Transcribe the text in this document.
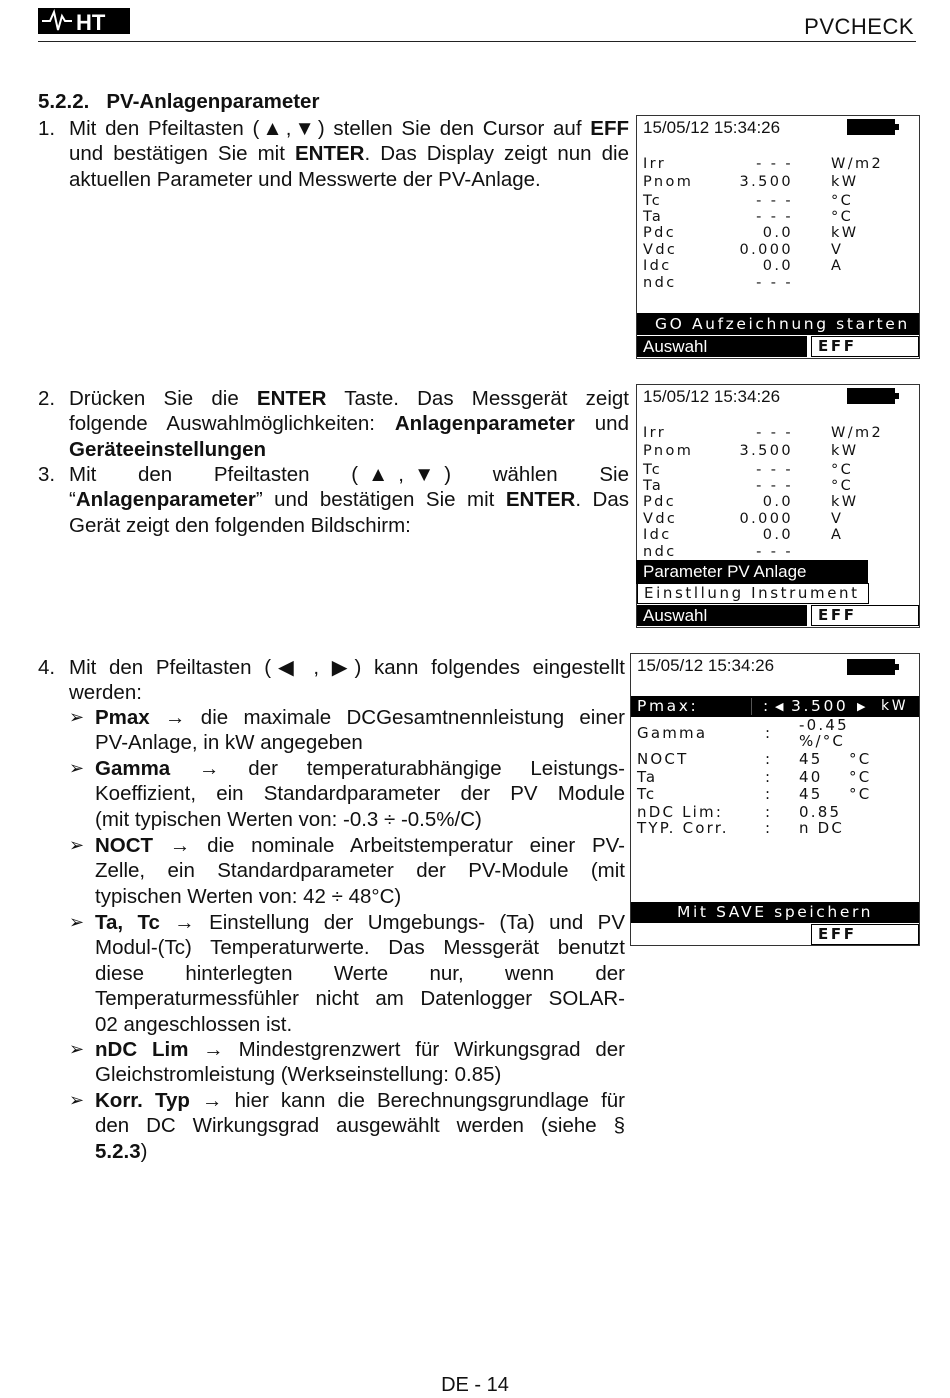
HT	PVCHECK
5.2.2.   PV-Anlagenparameter
1. Mit den Pfeiltasten (▲,▼) stellen Sie den Cursor auf EFF
und bestätigen Sie mit ENTER. Das Display zeigt nun die
aktuellen Parameter und Messwerte der PV-Anlage.
2. Drücken Sie die ENTER Taste. Das Messgerät zeigt
folgende Auswahlmöglichkeiten: Anlagenparameter und
Geräteeinstellungen
3. Mit den Pfeiltasten (▲,▼) wählen Sie
“Anlagenparameter” und bestätigen Sie mit ENTER. Das
Gerät zeigt den folgenden Bildschirm:
4. Mit den Pfeiltasten (◀ , ▶) kann folgendes eingestellt
werden:
➢ Pmax → die maximale DCGesamtnennleistung einer
PV-Anlage, in kW angegeben
➢ Gamma → der temperaturabhängige Leistungs-
Koeffizient, ein Standardparameter der PV Module
(mit typischen Werten von: -0.3 ÷ -0.5%/C)
➢ NOCT → die nominale Arbeitstemperatur einer PV-
Zelle, ein Standardparameter der PV-Module (mit
typischen Werten von: 42 ÷ 48°C)
➢ Ta, Tc → Einstellung der Umgebungs- (Ta) und PV
Modul-(Tc) Temperaturwerte. Das Messgerät benutzt
diese hinterlegten Werte nur, wenn der
Temperaturmessfühler nicht am Datenlogger SOLAR-
02 angeschlossen ist.
➢ nDC Lim → Mindestgrenzwert für Wirkungsgrad der
Gleichstromleistung (Werkseinstellung: 0.85)
➢ Korr. Typ → hier kann die Berechnungsgrundlage für
den DC Wirkungsgrad ausgewählt werden (siehe §
5.2.3)
15/05/12 15:34:26
Irr	- - -	W/m2
Pnom	3.500	kW
Tc	- - -	°C
Ta	- - -	°C
Pdc	0.0	kW
Vdc	0.000	V
Idc	0.0	A
ndc	- - -
GO Aufzeichnung starten
Auswahl	EFF
15/05/12 15:34:26
Irr	- - -	W/m2
Pnom	3.500	kW
Tc	- - -	°C
Ta	- - -	°C
Pdc	0.0	kW
Vdc	0.000	V
Idc	0.0	A
ndc	- - -
Parameter PV Anlage
Einstllung Instrument
Auswahl	EFF
15/05/12 15:34:26
Pmax:	: ◀ 3.500 ▶ kW
Gamma	: -0.45
%/°C
NOCT	: 45 °C
Ta	: 40 °C
Tc	: 45 °C
nDC Lim:	: 0.85
TYP. Corr. : n DC
Mit SAVE speichern
EFF
DE - 14
